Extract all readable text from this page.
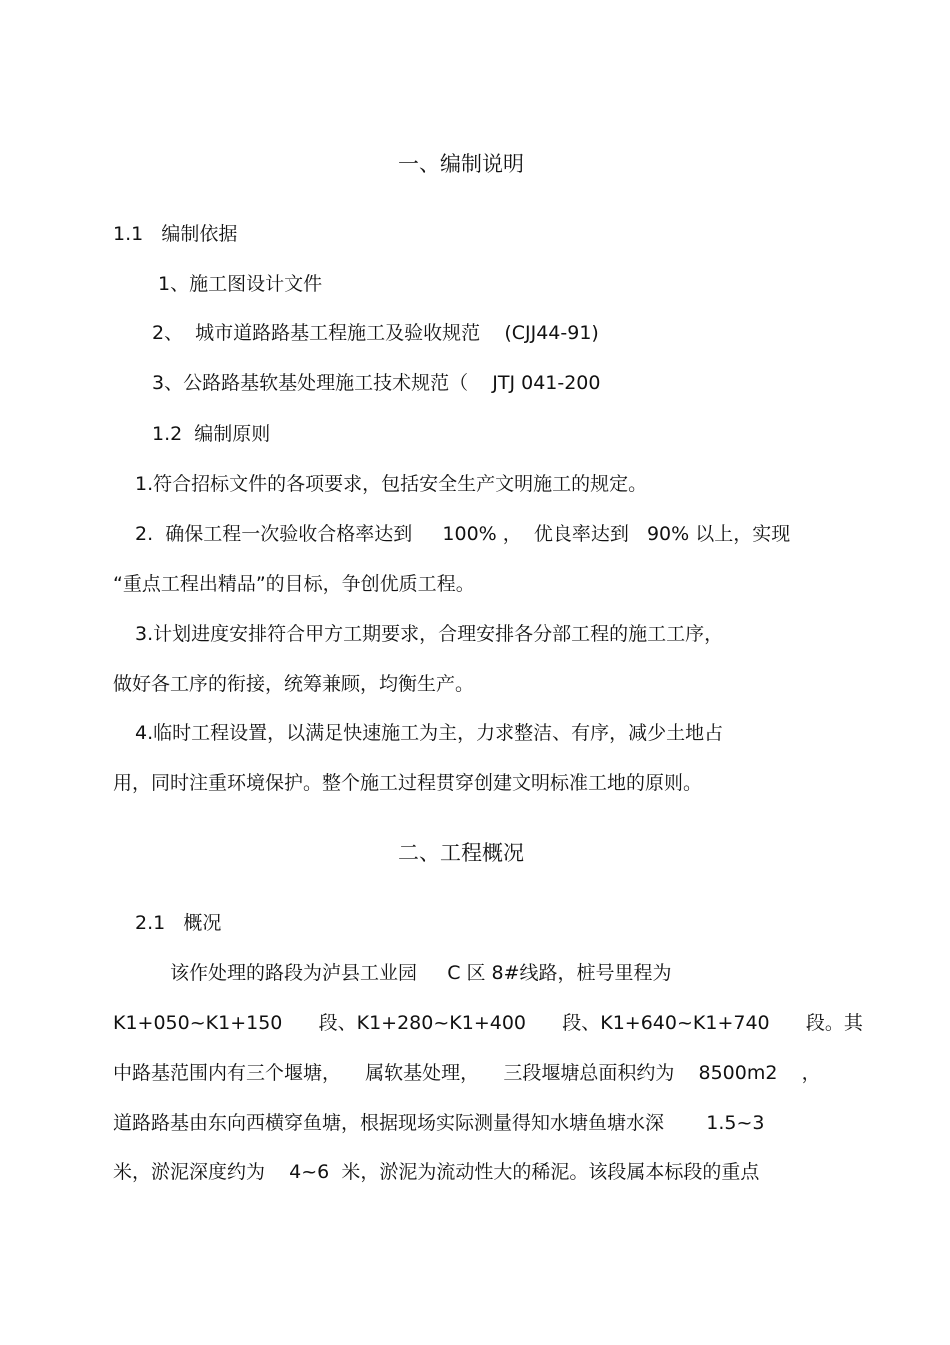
一、编制说明
1.1   编制依据
1、施工图设计文件
2、  城市道路路基工程施工及验收规范    (CJJ44-91)
3、公路路基软基处理施工技术规范（    JTJ 041-200
1.2  编制原则
1.符合招标文件的各项要求，包括安全生产文明施工的规定。
2.  确保工程一次验收合格率达到     100% ，  优良率达到   90% 以上，实现
“重点工程出精品”的目标，争创优质工程。
3.计划进度安排符合甲方工期要求，合理安排各分部工程的施工工序，
做好各工序的衔接，统筹兼顾，均衡生产。
4.临时工程设置，以满足快速施工为主，力求整洁、有序，减少土地占
用，同时注重环境保护。整个施工过程贯穿创建文明标准工地的原则。
二、工程概况
2.1   概况
该作处理的路段为泸县工业园     C 区 8#线路，桩号里程为
K1+050~K1+150      段、K1+280~K1+400      段、K1+640~K1+740      段。其
中路基范围内有三个堰塘，    属软基处理，    三段堰塘总面积约为    8500m2    ，
道路路基由东向西横穿鱼塘，根据现场实际测量得知水塘鱼塘水深       1.5~3
米，淤泥深度约为    4~6  米，淤泥为流动性大的稀泥。该段属本标段的重点
